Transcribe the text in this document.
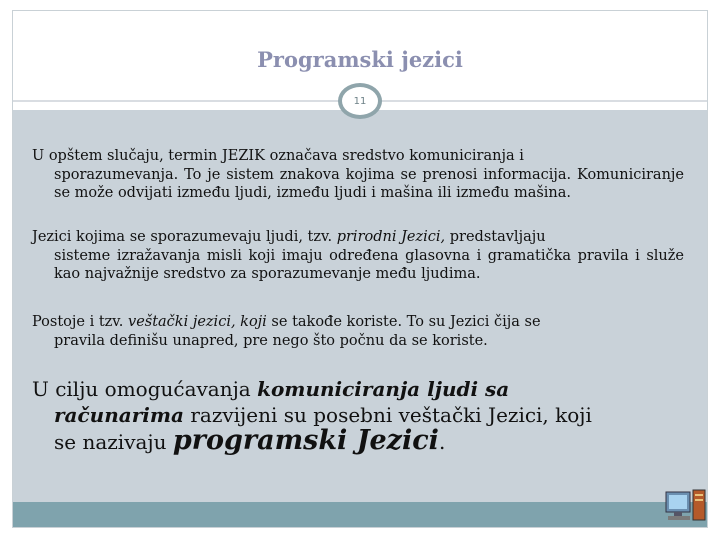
Programski jezici
11
U opštem slučaju, termin JEZIK označava sredstvo komuniciranja i
sporazumevanja. To je sistem znakova kojima se prenosi informacija. Komuniciranje se može odvijati između ljudi, između ljudi i mašina ili između mašina.
Jezici kojima se sporazumevaju ljudi, tzv. prirodni Jezici, predstavljaju
sisteme izražavanja misli koji imaju određena glasovna i gramatička pravila i služe kao najvažnije sredstvo za sporazumevanje među ljudima.
Postoje i tzv. veštački jezici, koji se takođe koriste. To su Jezici čija se
pravila definišu unapred, pre nego što počnu da se koriste.
U cilju omogućavanja komuniciranja ljudi sa
računarima razvijeni su posebni veštački Jezici, koji
se nazivaju programski Jezici.
